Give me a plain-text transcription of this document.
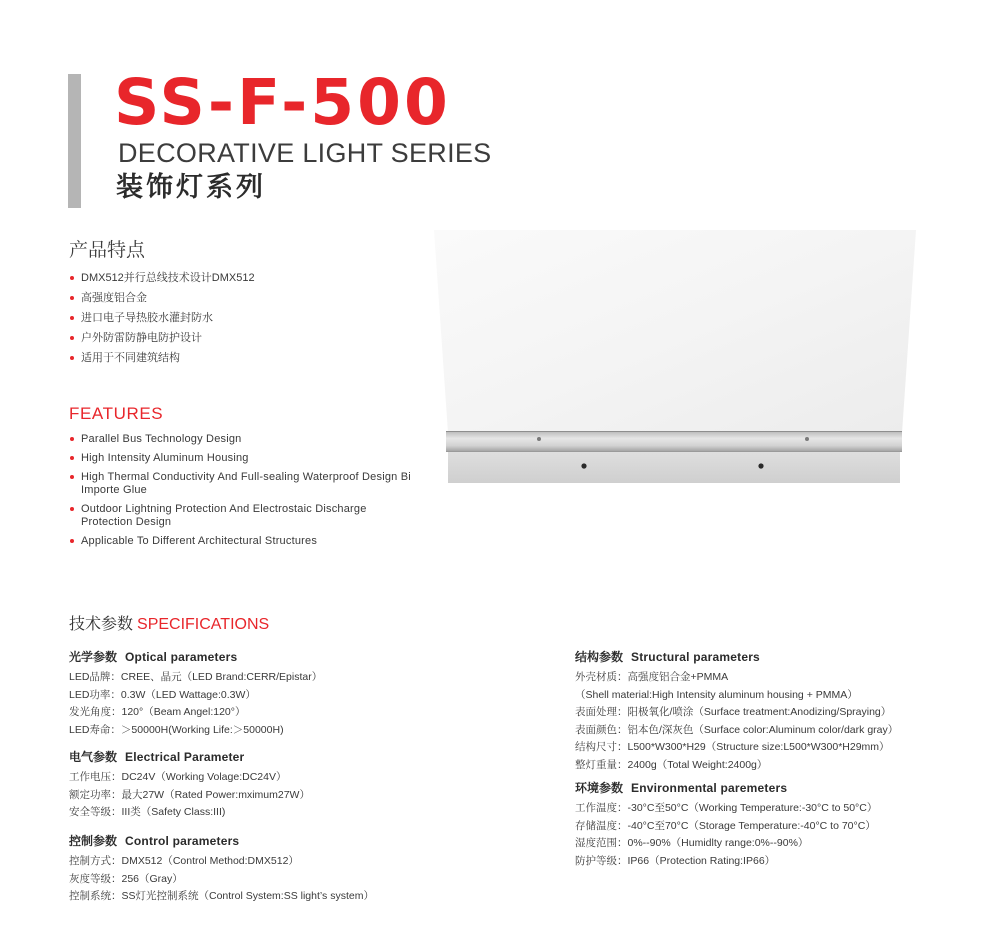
SS-F-500
DECORATIVE LIGHT SERIES
装饰灯系列
产品特点
DMX512并行总线技术设计DMX512
高强度铝合金
进口电子导热胶水灌封防水
户外防雷防静电防护设计
适用于不同建筑结构
FEATURES
Parallel Bus Technology Design
High Intensity Aluminum Housing
High Thermal Conductivity And Full-sealing Waterproof Design Bi Importe Glue
Outdoor Lightning Protection And Electrostaic Discharge Protection Design
Applicable To Different Architectural Structures
技术参数 SPECIFICATIONS
光学参数 Optical parameters
LED品牌：CREE、晶元（LED Brand:CERR/Epistar）
LED功率：0.3W（LED Wattage:0.3W）
发光角度：120°（Beam Angel:120°）
LED寿命：＞50000H(Working Life:＞50000H)
电气参数 Electrical Parameter
工作电压：DC24V（Working Volage:DC24V）
额定功率：最大27W（Rated Power:mximum27W）
安全等级：III类（Safety Class:III)
控制参数 Control parameters
控制方式：DMX512（Control Method:DMX512）
灰度等级：256（Gray）
控制系统：SS灯光控制系统（Control System:SS light’s system）
结构参数 Structural parameters
外壳材质：高强度铝合金+PMMA
（Shell material:High Intensity aluminum housing + PMMA）
表面处理：阳极氧化/喷涂（Surface treatment:Anodizing/Spraying）
表面颜色：铝本色/深灰色（Surface color:Aluminum color/dark gray）
结构尺寸：L500*W300*H29（Structure size:L500*W300*H29mm）
整灯重量：2400g（Total Weight:2400g）
环境参数 Environmental paremeters
工作温度：-30°C至50°C（Working Temperature:-30°C to 50°C）
存储温度：-40°C至70°C（Storage Temperature:-40°C to 70°C）
湿度范围：0%--90%（Humidlty range:0%--90%）
防护等级：IP66（Protection Rating:IP66）
